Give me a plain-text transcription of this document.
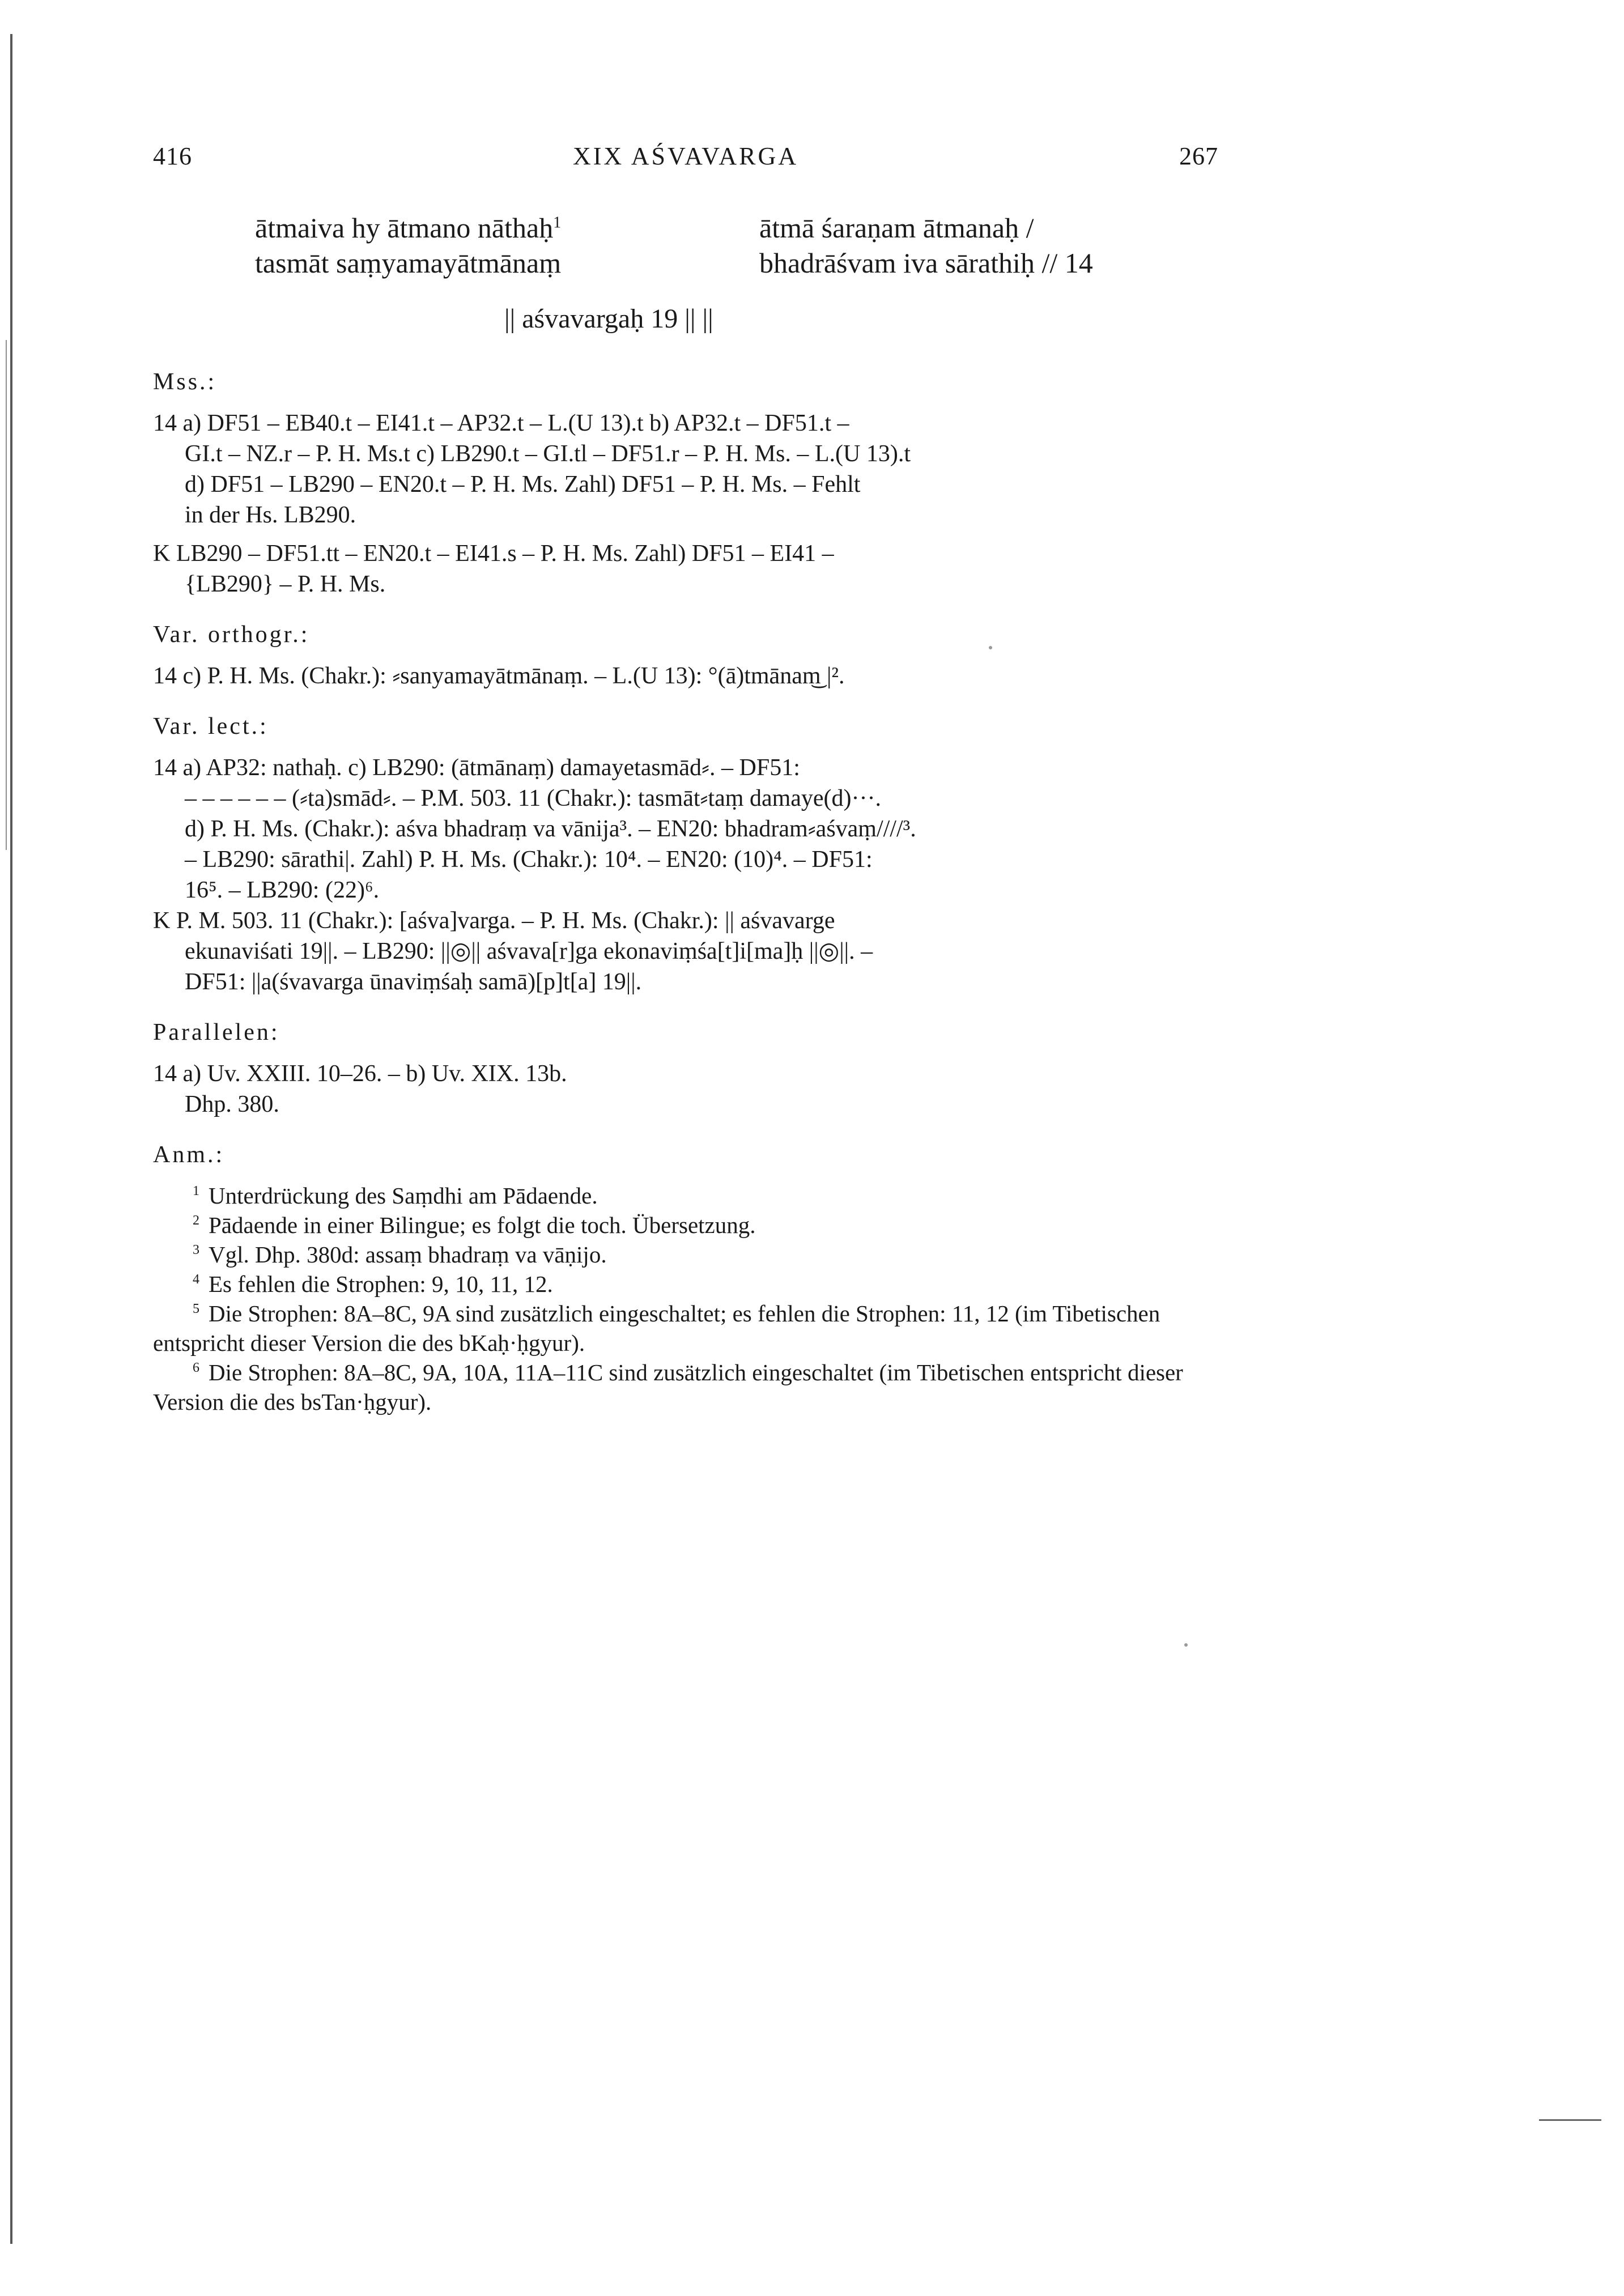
416	XIX AŚVAVARGA	267
ātmaiva hy ātmano nāthaḥ$^1$	ātmā śaraṇam ātmanaḥ /
tasmāt saṃyamayātmānaṃ	bhadrāśvam iva sārathiḥ // 14
|| aśvavargaḥ 19 || ||
Mss.:
14 a) DF51 – EB40.t – EI41.t – AP32.t – L.(U 13).t b) AP32.t – DF51.t –
GI.t – NZ.r – P. H. Ms.t c) LB290.t – GI.tl – DF51.r – P. H. Ms. – L.(U 13).t
d) DF51 – LB290 – EN20.t – P. H. Ms. Zahl) DF51 – P. H. Ms. – Fehlt
in der Hs. LB290.
K LB290 – DF51.tt – EN20.t – EI41.s – P. H. Ms. Zahl) DF51 – EI41 –
{LB290} – P. H. Ms.
Var. orthogr.:
14 c) P. H. Ms. (Chakr.): ⸗sanyamayātmānaṃ. – L.(U 13): °(ā)tmānam͜ |².
Var. lect.:
14 a) AP32: nathaḥ. c) LB290: (ātmānaṃ) damayetasmād⸗. – DF51:
– – – – – – (⸗ta)smād⸗. – P.M. 503. 11 (Chakr.): tasmāt⸗taṃ damaye(d)···.
d) P. H. Ms. (Chakr.): aśva bhadraṃ va vānija³. – EN20: bhadram⸗aśvaṃ////³.
– LB290: sārathi|. Zahl) P. H. Ms. (Chakr.): 10⁴. – EN20: (10)⁴. – DF51:
16⁵. – LB290: (22)⁶.
K P. M. 503. 11 (Chakr.): [aśva]varga. – P. H. Ms. (Chakr.): || aśvavarge
ekunaviśati 19||. – LB290: ||◎|| aśvava[r]ga ekonaviṃśa[t]i[ma]ḥ ||◎||. –
DF51: ||a(śvavarga ūnaviṃśaḥ samā)[p]t[a] 19||.
Parallelen:
14 a) Uv. XXIII. 10–26. – b) Uv. XIX. 13b.
Dhp. 380.
Anm.:
$^1$ Unterdrückung des Saṃdhi am Pādaende.
$^2$ Pādaende in einer Bilingue; es folgt die toch. Übersetzung.
$^3$ Vgl. Dhp. 380d: assaṃ bhadraṃ va vāṇijo.
$^4$ Es fehlen die Strophen: 9, 10, 11, 12.
$^5$ Die Strophen: 8A–8C, 9A sind zusätzlich eingeschaltet; es fehlen die Strophen: 11, 12 (im Tibetischen entspricht dieser Version die des bKaḥ·ḥgyur).
$^6$ Die Strophen: 8A–8C, 9A, 10A, 11A–11C sind zusätzlich eingeschaltet (im Tibetischen entspricht dieser Version die des bsTan·ḥgyur).
